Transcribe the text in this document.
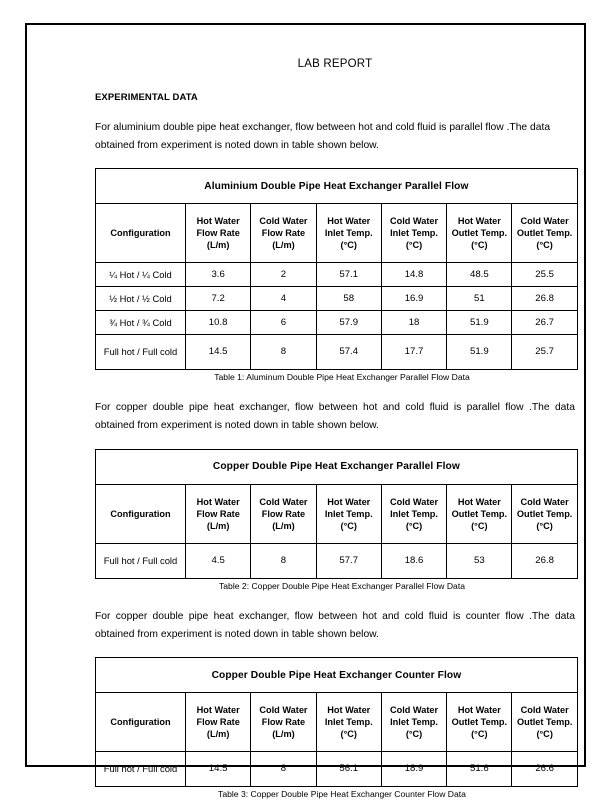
LAB REPORT
EXPERIMENTAL DATA

For aluminium double pipe heat exchanger, flow between hot and cold fluid is parallel flow .The data obtained from experiment is noted down in table shown below.

Aluminium Double Pipe Heat Exchanger Parallel Flow						
Configuration	Hot Water Flow Rate (L/m)	Cold Water Flow Rate (L/m)	Hot Water Inlet Temp. (°C)	Cold Water Inlet Temp. (°C)	Hot Water Outlet Temp. (°C)	Cold Water Outlet Temp. (°C)
¼ Hot / ¼ Cold	3.6	2	57.1	14.8	48.5	25.5
½ Hot / ½ Cold	7.2	4	58	16.9	51	26.8
¾ Hot / ¾ Cold	10.8	6	57.9	18	51.9	26.7
Full hot / Full cold	14.5	8	57.4	17.7	51.9	25.7
Table 1: Aluminum Double Pipe Heat Exchanger Parallel Flow Data

For copper double pipe heat exchanger, flow between hot and cold fluid is parallel flow .The data obtained from experiment is noted down in table shown below.

Copper Double Pipe Heat Exchanger Parallel Flow						
Configuration	Hot Water Flow Rate (L/m)	Cold Water Flow Rate (L/m)	Hot Water Inlet Temp. (°C)	Cold Water Inlet Temp. (°C)	Hot Water Outlet Temp. (°C)	Cold Water Outlet Temp. (°C)
Full hot / Full cold	4.5	8	57.7	18.6	53	26.8
Table 2: Copper Double Pipe Heat Exchanger Parallel Flow Data

For copper double pipe heat exchanger, flow between hot and cold fluid is counter flow .The data obtained from experiment is noted down in table shown below.

Copper Double Pipe Heat Exchanger Counter Flow						
Configuration	Hot Water Flow Rate (L/m)	Cold Water Flow Rate (L/m)	Hot Water Inlet Temp. (°C)	Cold Water Inlet Temp. (°C)	Hot Water Outlet Temp. (°C)	Cold Water Outlet Temp. (°C)
Full hot / Full cold	14.5	8	56.1	18.9	51.6	26.6
Table 3: Copper Double Pipe Heat Exchanger Counter Flow Data
